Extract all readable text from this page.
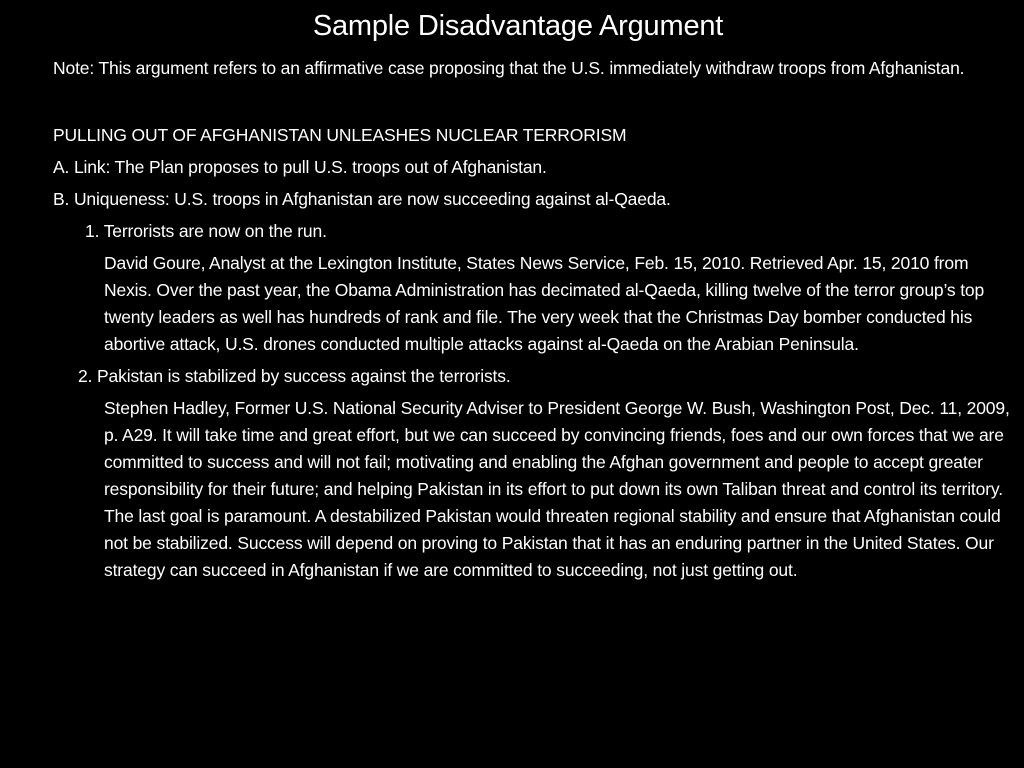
Sample Disadvantage Argument

Note: This argument refers to an affirmative case proposing that the U.S. immediately withdraw troops from Afghanistan.

PULLING OUT OF AFGHANISTAN UNLEASHES NUCLEAR TERRORISM

A. Link: The Plan proposes to pull U.S. troops out of Afghanistan.

B. Uniqueness: U.S. troops in Afghanistan are now succeeding against al-Qaeda.

1. Terrorists are now on the run.

David Goure, Analyst at the Lexington Institute, States News Service, Feb. 15, 2010. Retrieved Apr. 15, 2010 from Nexis. Over the past year, the Obama Administration has decimated al-Qaeda, killing twelve of the terror group’s top twenty leaders as well has hundreds of rank and file. The very week that the Christmas Day bomber conducted his abortive attack, U.S. drones conducted multiple attacks against al-Qaeda on the Arabian Peninsula.

2. Pakistan is stabilized by success against the terrorists.

Stephen Hadley, Former U.S. National Security Adviser to President George W. Bush, Washington Post, Dec. 11, 2009, p. A29. It will take time and great effort, but we can succeed by convincing friends, foes and our own forces that we are committed to success and will not fail; motivating and enabling the Afghan government and people to accept greater responsibility for their future; and helping Pakistan in its effort to put down its own Taliban threat and control its territory. The last goal is paramount. A destabilized Pakistan would threaten regional stability and ensure that Afghanistan could not be stabilized. Success will depend on proving to Pakistan that it has an enduring partner in the United States. Our strategy can succeed in Afghanistan if we are committed to succeeding, not just getting out.
